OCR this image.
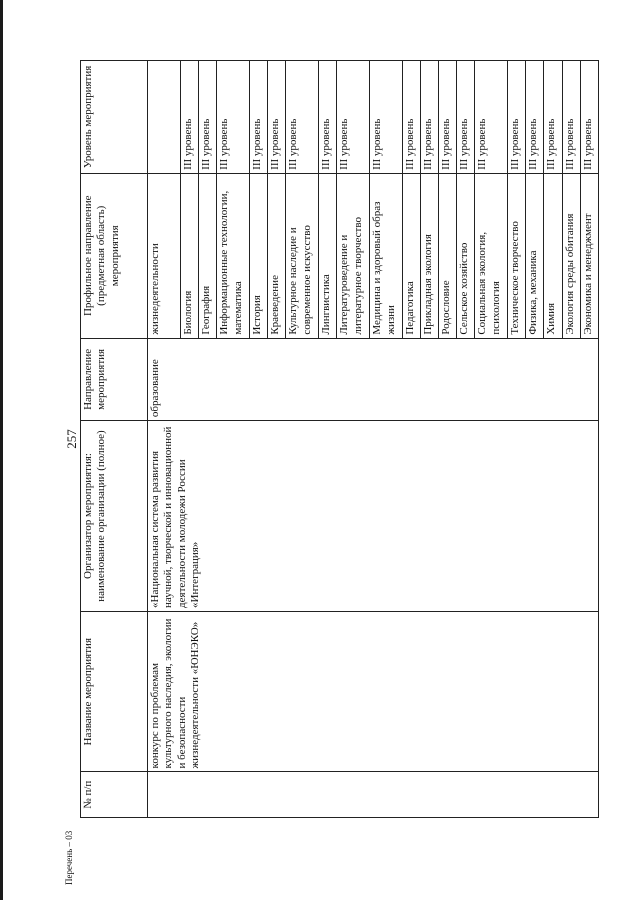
257
Перечень – 03
№ п/п	Название мероприятия	Организатор мероприятия: наименование организации (полное)	Направление мероприятия	Профильное направление (предметная область) мероприятия	Уровень мероприятия
	конкурс по проблемам культурного наследия, экологии и безопасности жизнедеятельности «ЮНЭКО»	«Национальная система развития научной, творческой и инновационной деятельности молодежи России «Интеграция»	образование	жизнедеятельности	
				Биология	III уровень
				География	III уровень
				Информационные технологии, математика	III уровень
				История	III уровень
				Краеведение	III уровень
				Культурное наследие и современное искусство	III уровень
				Лингвистика	III уровень
				Литературоведение и литературное творчество	III уровень
				Медицина и здоровый образ жизни	III уровень
				Педагогика	III уровень
				Прикладная экология	III уровень
				Родословие	III уровень
				Сельское хозяйство	III уровень
				Социальная экология, психология	III уровень
				Техническое творчество	III уровень
				Физика, механика	III уровень
				Химия	III уровень
				Экология среды обитания	III уровень
				Экономика и менеджмент	III уровень
